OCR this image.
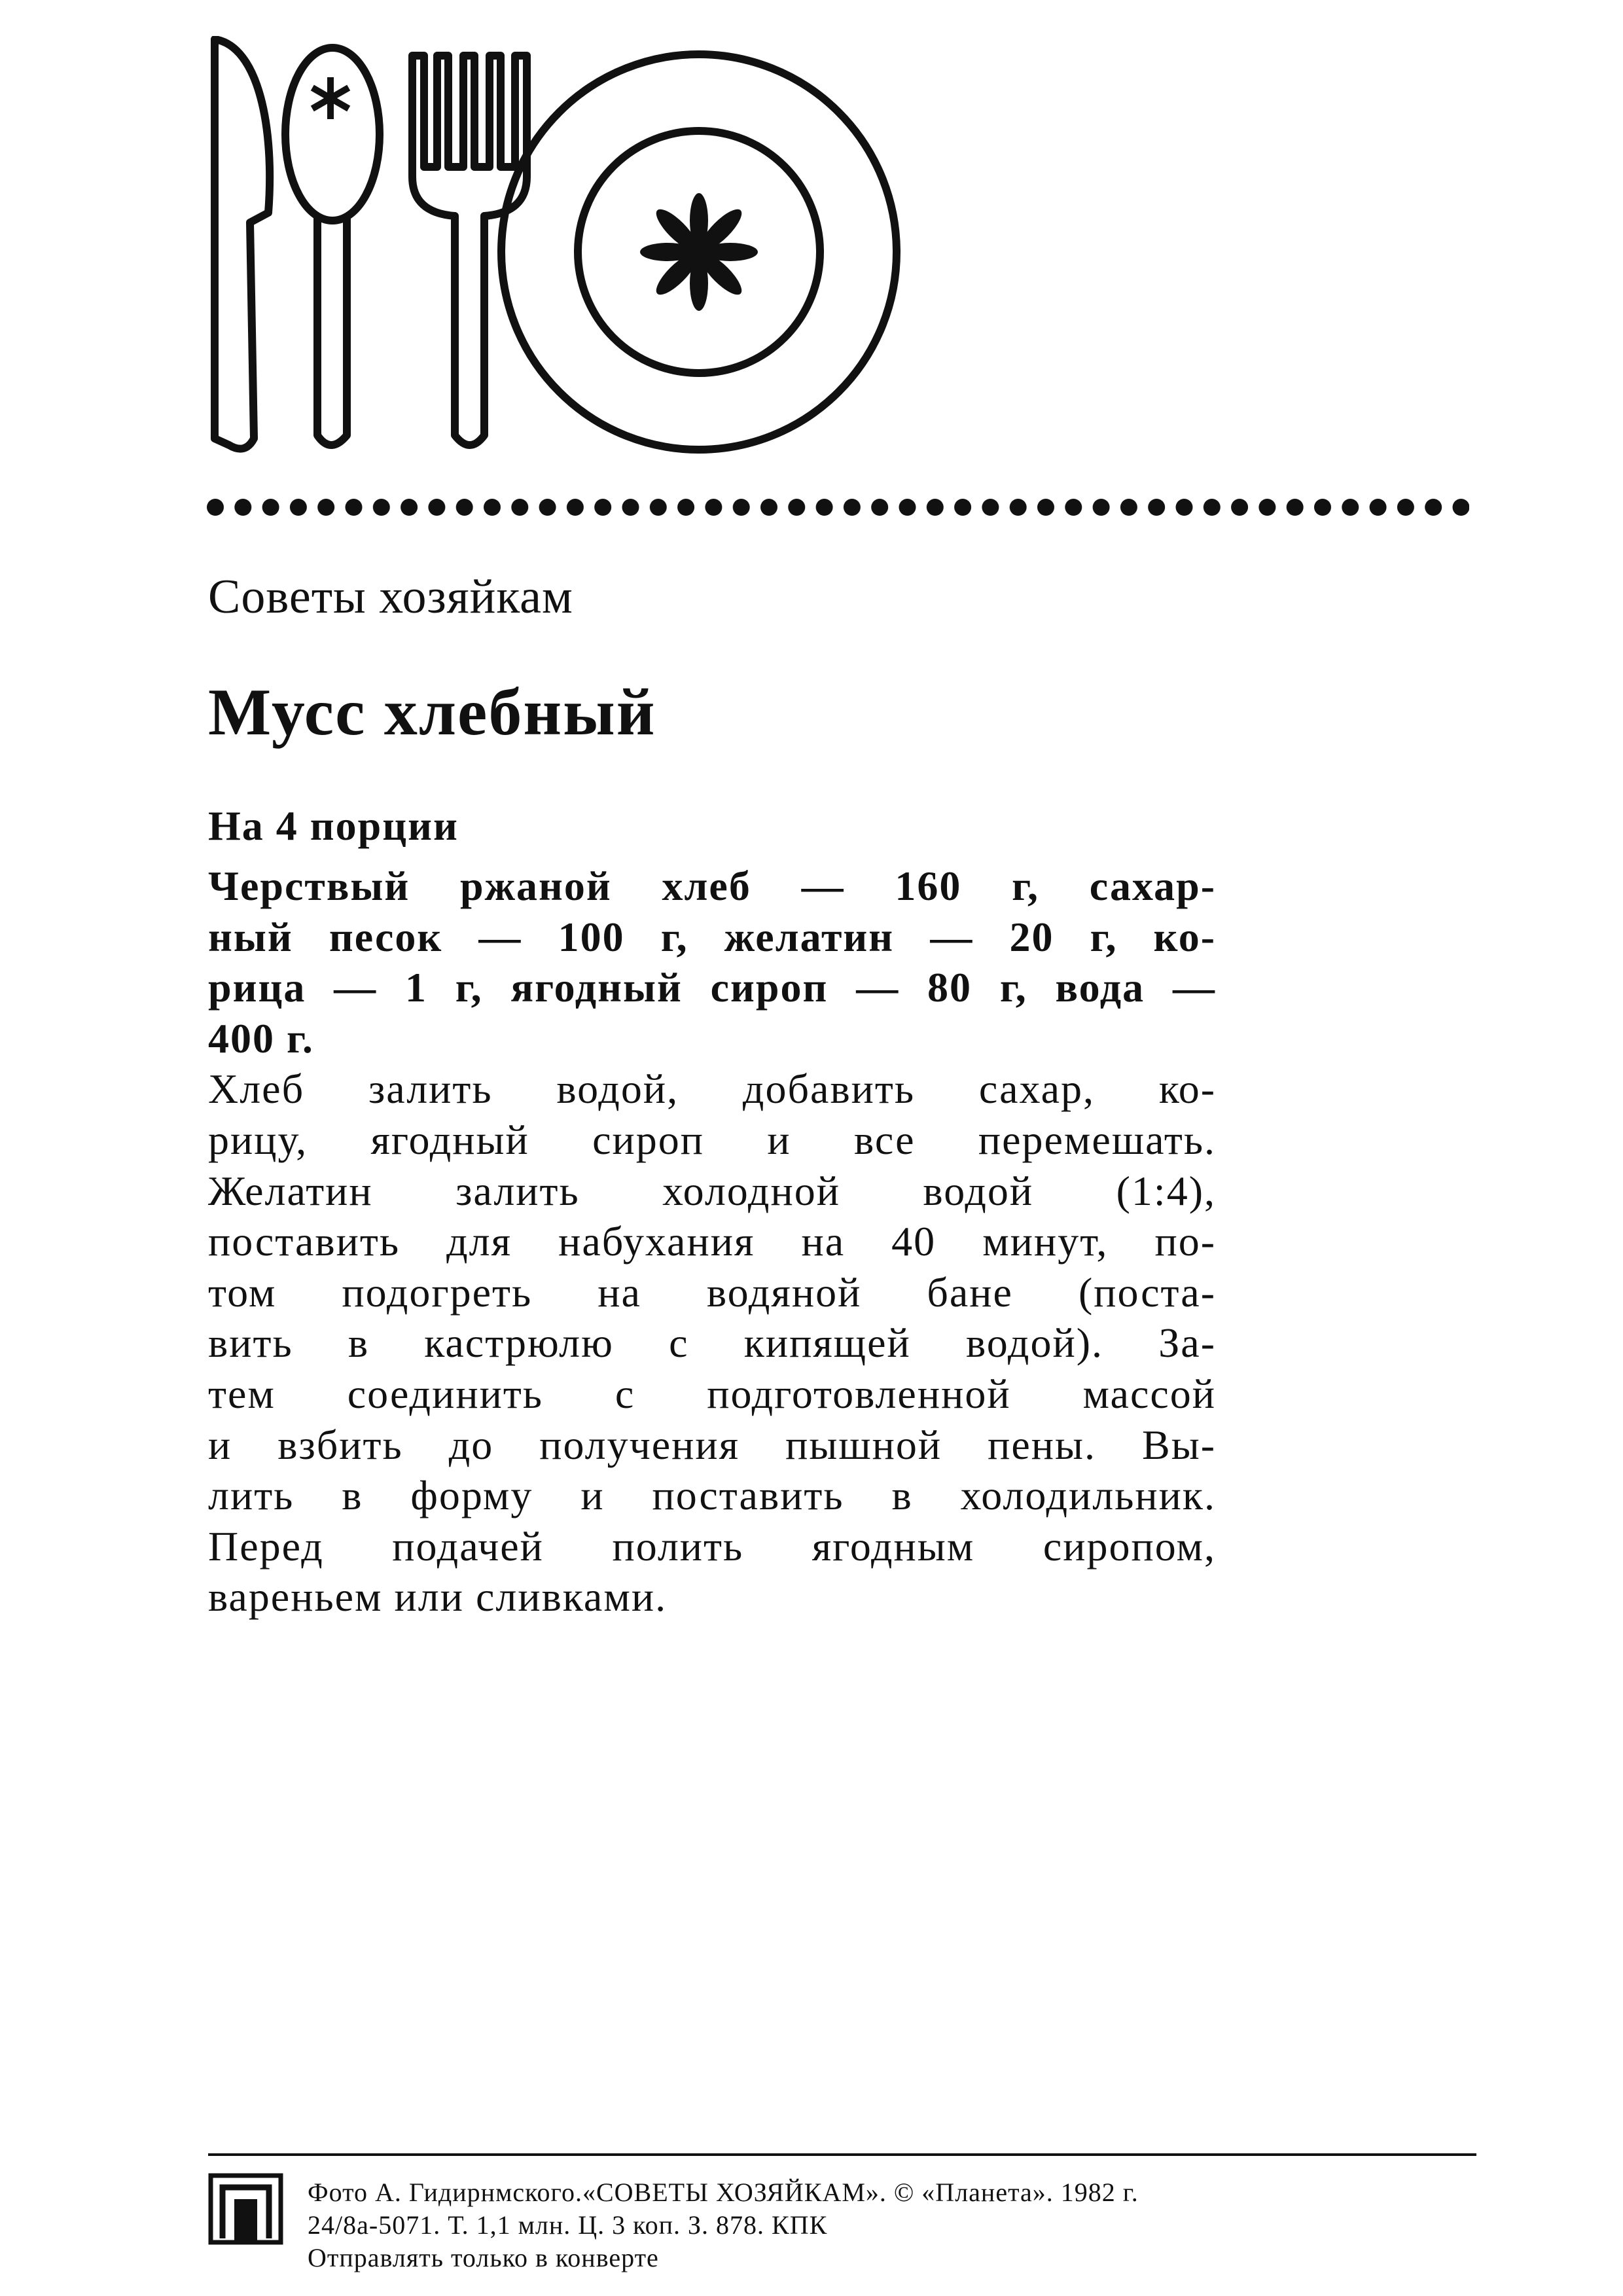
Советы хозяйкам
Мусс хлебный
На 4 порции
Черствый ржаной хлеб — 160 г, сахар-
ный песок — 100 г, желатин — 20 г, ко-
рица — 1 г, ягодный сироп — 80 г, вода —
400 г.
Хлеб залить водой, добавить сахар, ко-
рицу, ягодный сироп и все перемешать.
Желатин залить холодной водой (1:4),
поставить для набухания на 40 минут, по-
том подогреть на водяной бане (поста-
вить в кастрюлю с кипящей водой). За-
тем соединить с подготовленной массой
и взбить до получения пышной пены. Вы-
лить в форму и поставить в холодильник.
Перед подачей полить ягодным сиропом,
вареньем или сливками.
Фото А. Гидирнмского.«СОВЕТЫ ХОЗЯЙКАМ». © «Планета». 1982 г.
24/8а-5071. Т. 1,1 млн. Ц. 3 коп. З. 878. КПК
Отправлять только в конверте
